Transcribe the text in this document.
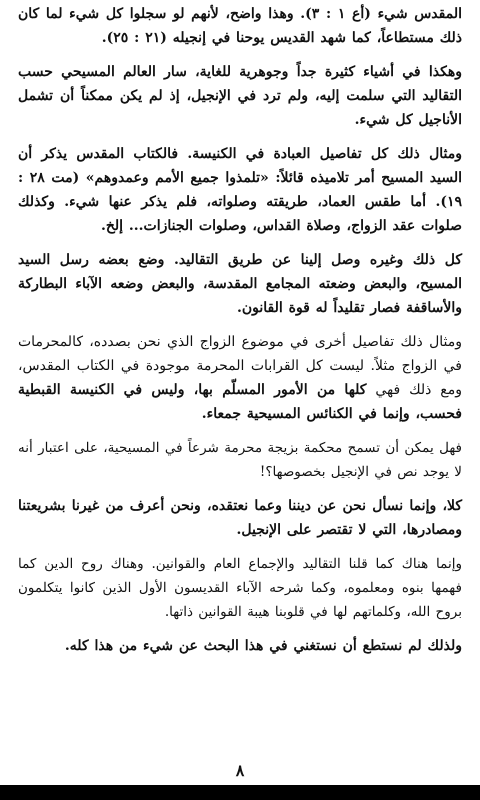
المقدس شيء (أع ١ : ٣). وهذا واضح، لأنهم لو سجلوا كل شيء لما كان ذلك مستطاعاً، كما شهد القديس يوحنا في إنجيله (٢١ : ٢٥).

وهكذا في أشياء كثيرة جداً وجوهرية للغاية، سار العالم المسيحي حسب التقاليد التي سلمت إليه، ولم ترد في الإنجيل، إذ لم يكن ممكناً أن تشمل الأناجيل كل شيء.

ومثال ذلك كل تفاصيل العبادة في الكنيسة. فالكتاب المقدس يذكر أن السيد المسيح أمر تلاميذه قائلاً: «تلمذوا جميع الأمم وعمدوهم» (مت ٢٨ : ١٩). أما طقس العماد، طريقته وصلواته، فلم يذكر عنها شيء. وكذلك صلوات عقد الزواج، وصلاة القداس، وصلوات الجنازات... إلخ.

كل ذلك وغيره وصل إلينا عن طريق التقاليد. وضع بعضه رسل السيد المسيح، والبعض وضعته المجامع المقدسة، والبعض وضعه الآباء البطاركة والأساقفة فصار تقليداً له قوة القانون.

ومثال ذلك تفاصيل أخرى في موضوع الزواج الذي نحن بصدده، كالمحرمات في الزواج مثلاً. ليست كل القرابات المحرمة موجودة في الكتاب المقدس، ومع ذلك فهي كلها من الأمور المسلّم بها، وليس في الكنيسة القبطية فحسب، وإنما في الكنائس المسيحية جمعاء.

فهل يمكن أن تسمح محكمة بزيجة محرمة شرعاً في المسيحية، على اعتبار أنه لا يوجد نص في الإنجيل بخصوصها؟!

كلا، وإنما نسأل نحن عن ديننا وعما نعتقده، ونحن أعرف من غيرنا بشريعتنا ومصادرها، التي لا تقتصر على الإنجيل.

وإنما هناك كما قلنا التقاليد والإجماع العام والقوانين. وهناك روح الدين كما فهمها بنوه ومعلموه، وكما شرحه الآباء القديسون الأول الذين كانوا يتكلمون بروح الله، وكلماتهم لها في قلوبنا هيبة القوانين ذاتها.

ولذلك لم نستطع أن نستغني في هذا البحث عن شيء من هذا كله.

٨
